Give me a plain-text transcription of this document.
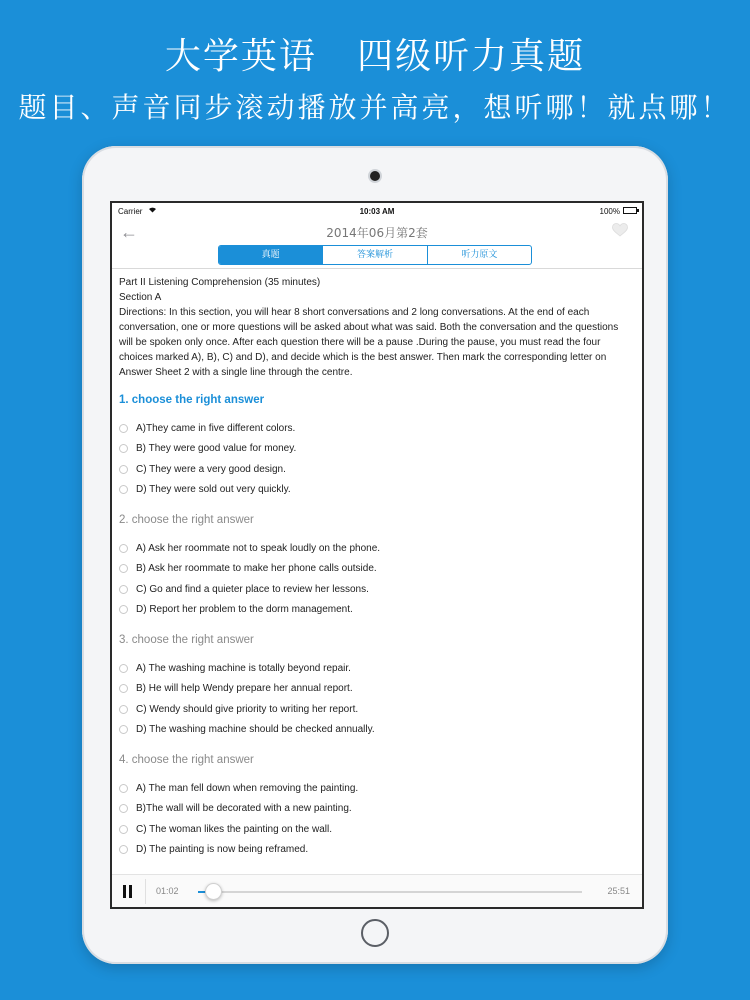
大学英语   四级听力真题
题目、声音同步滚动播放并高亮，想听哪！就点哪！
Carrier	10:03 AM	100%
←	2014年06月第2套
真题	答案解析	听力原文

Part II Listening Comprehension (35 minutes)

Section A

Directions: In this section, you will hear 8 short conversations and 2 long conversations. At the end of each conversation, one or more questions will be asked about what was said. Both the conversation and the questions will be spoken only once. After each question there will be a pause .During the pause, you must read the four choices marked A), B), C) and D), and decide which is the best answer. Then mark the corresponding letter on Answer Sheet 2 with a single line through the centre.

1. choose the right answer
A)They came in five different colors.
B) They were good value for money.
C) They were a very good design.
D) They were sold out very quickly.
2. choose the right answer
A) Ask her roommate not to speak loudly on the phone.
B) Ask her roommate to make her phone calls outside.
C) Go and find a quieter place to review her lessons.
D) Report her problem to the dorm management.
3. choose the right answer
A) The washing machine is totally beyond repair.
B) He will help Wendy prepare her annual report.
C) Wendy should give priority to writing her report.
D) The washing machine should be checked annually.
4. choose the right answer
A) The man fell down when removing the painting.
B)The wall will be decorated with a new painting.
C) The woman likes the painting on the wall.
D) The painting is now being reframed.
01:02	25:51
